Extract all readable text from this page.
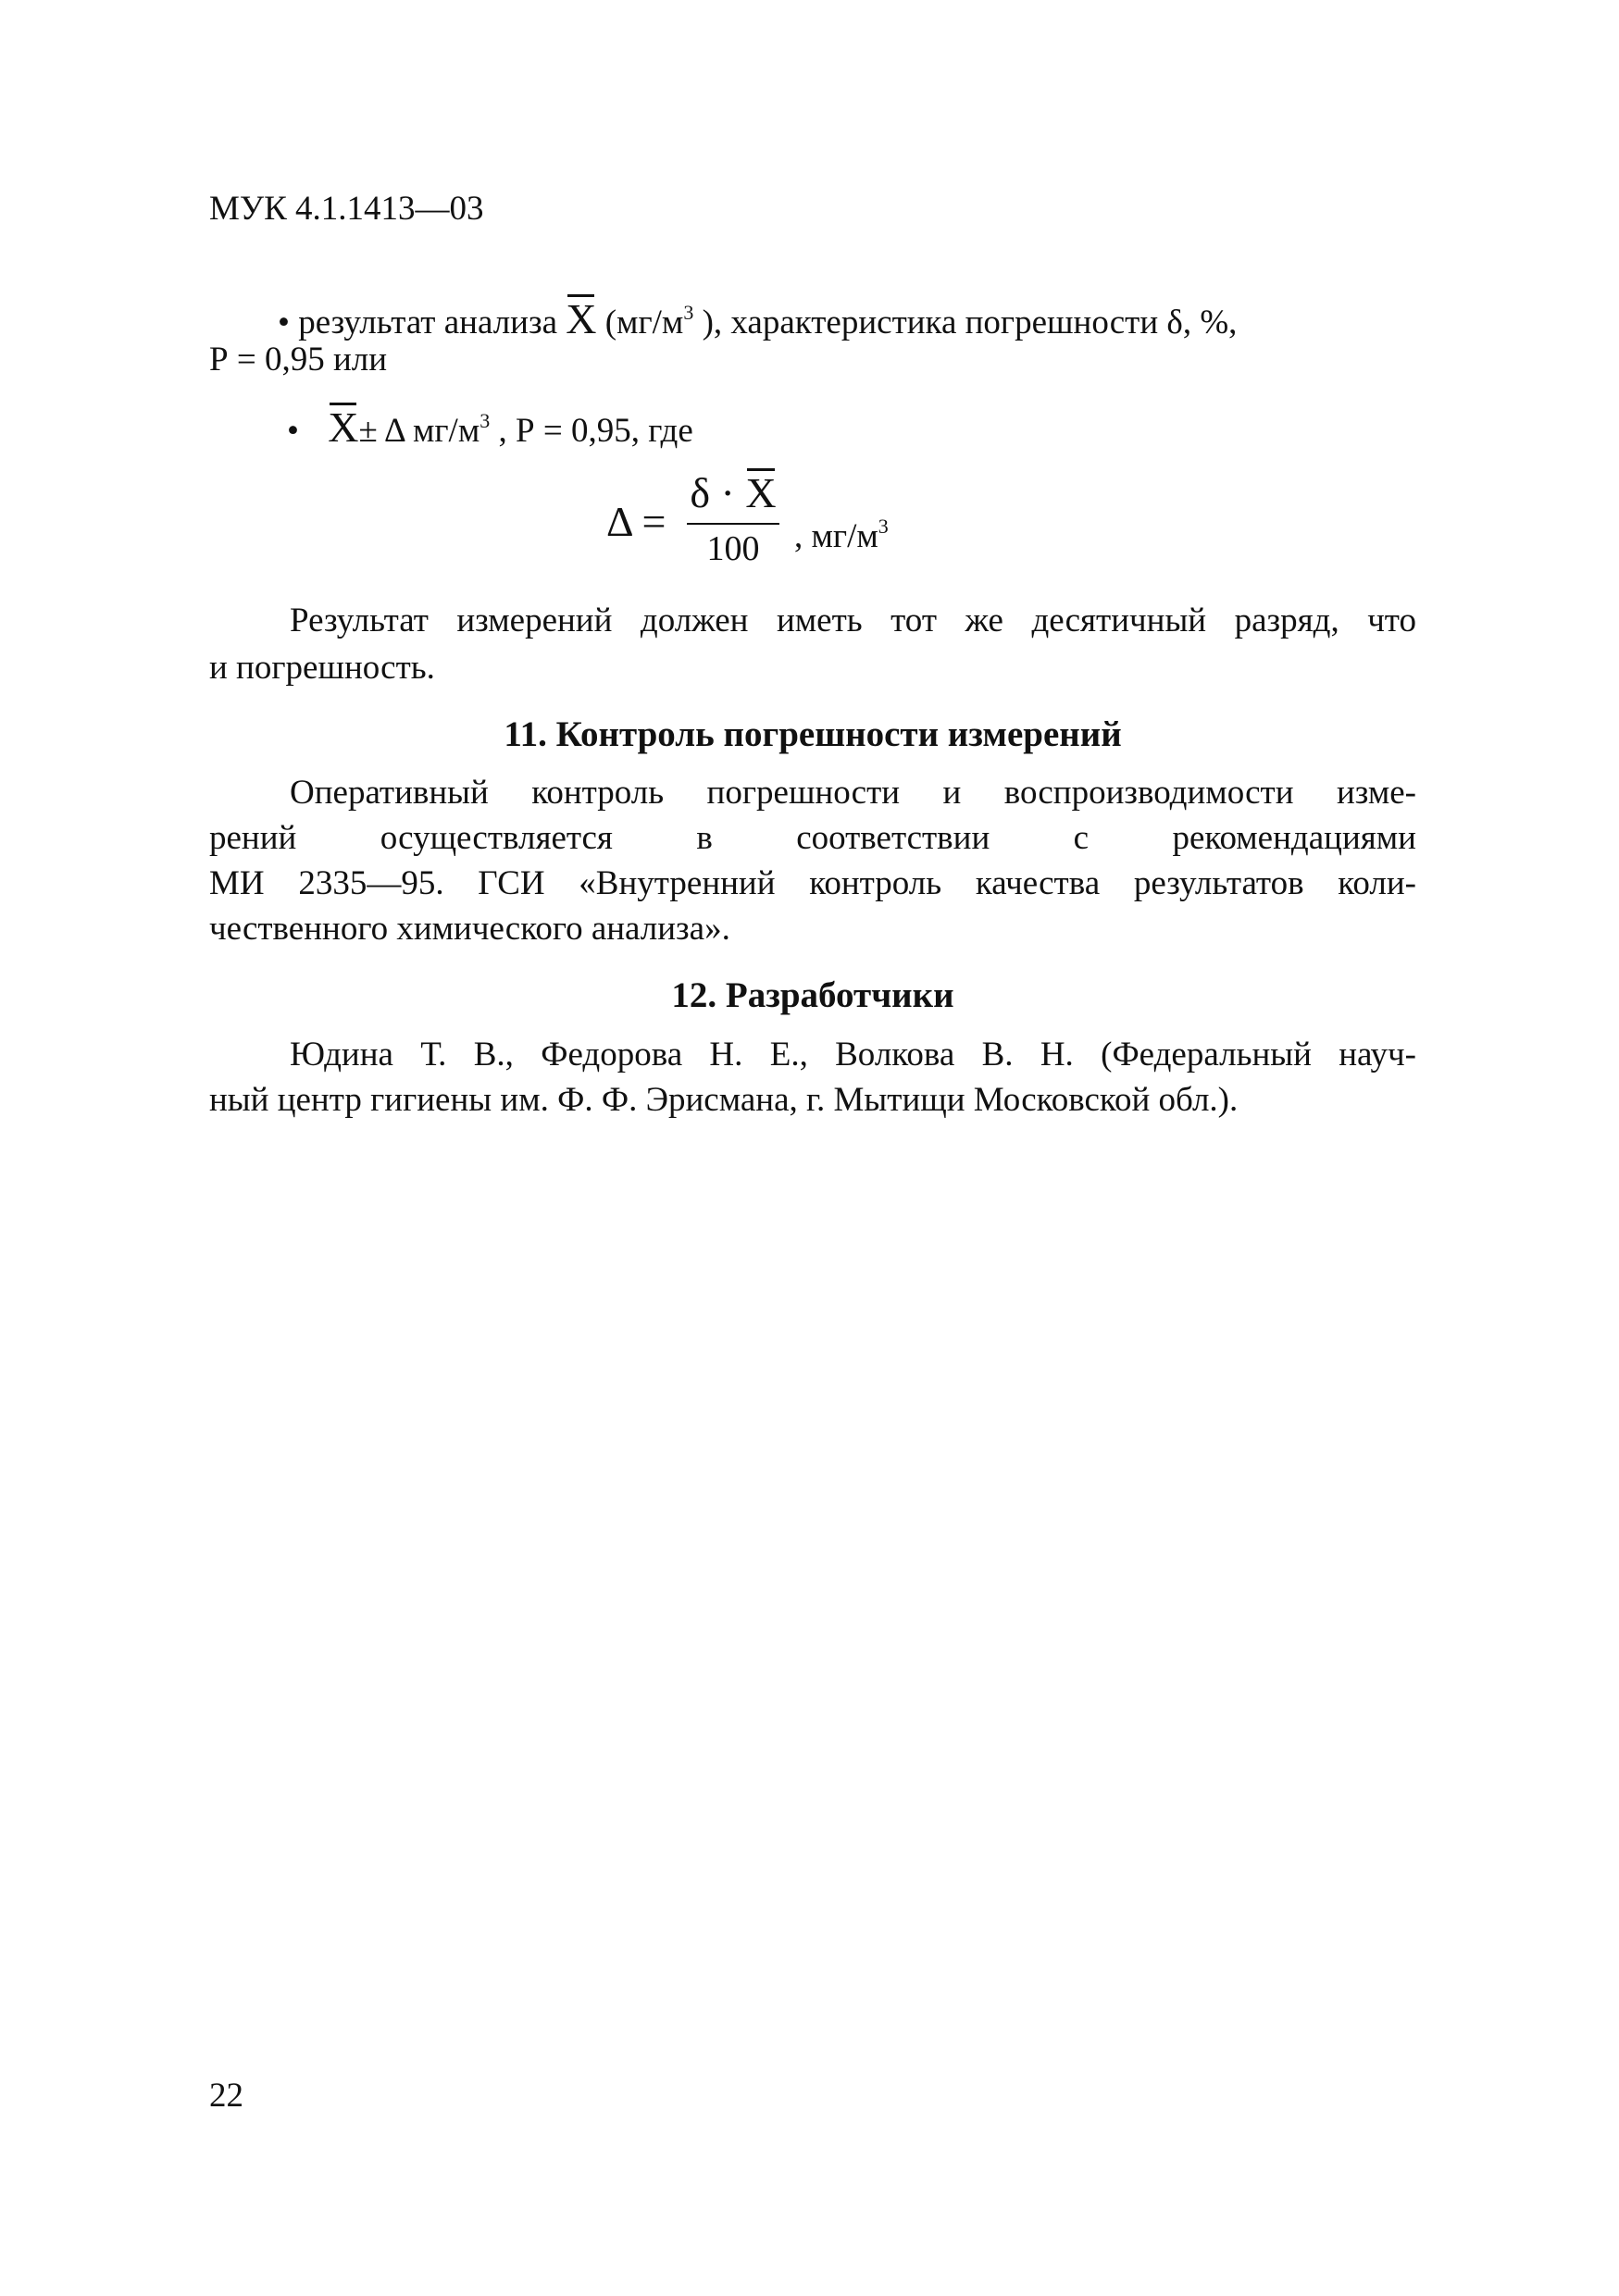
МУК 4.1.1413—03
• результат анализа X ($мг/м^3$ ), характеристика погрешности δ, %,
Р = 0,95 или
• X± Δ $мг/м^3$ , Р = 0,95, где
Δ =
δ · X
100	, $мг/м^3$
Результат измерений должен иметь тот же десятичный разряд, что
и погрешность.
11. Контроль погрешности измерений
Оперативный контроль погрешности и воспроизводимости изме-
рений осуществляется в соответствии с рекомендациями
МИ 2335—95. ГСИ «Внутренний контроль качества результатов коли-
чественного химического анализа».
12. Разработчики
Юдина Т. В., Федорова Н. Е., Волкова В. Н. (Федеральный науч-
ный центр гигиены им. Ф. Ф. Эрисмана, г. Мытищи Московской обл.).
22
